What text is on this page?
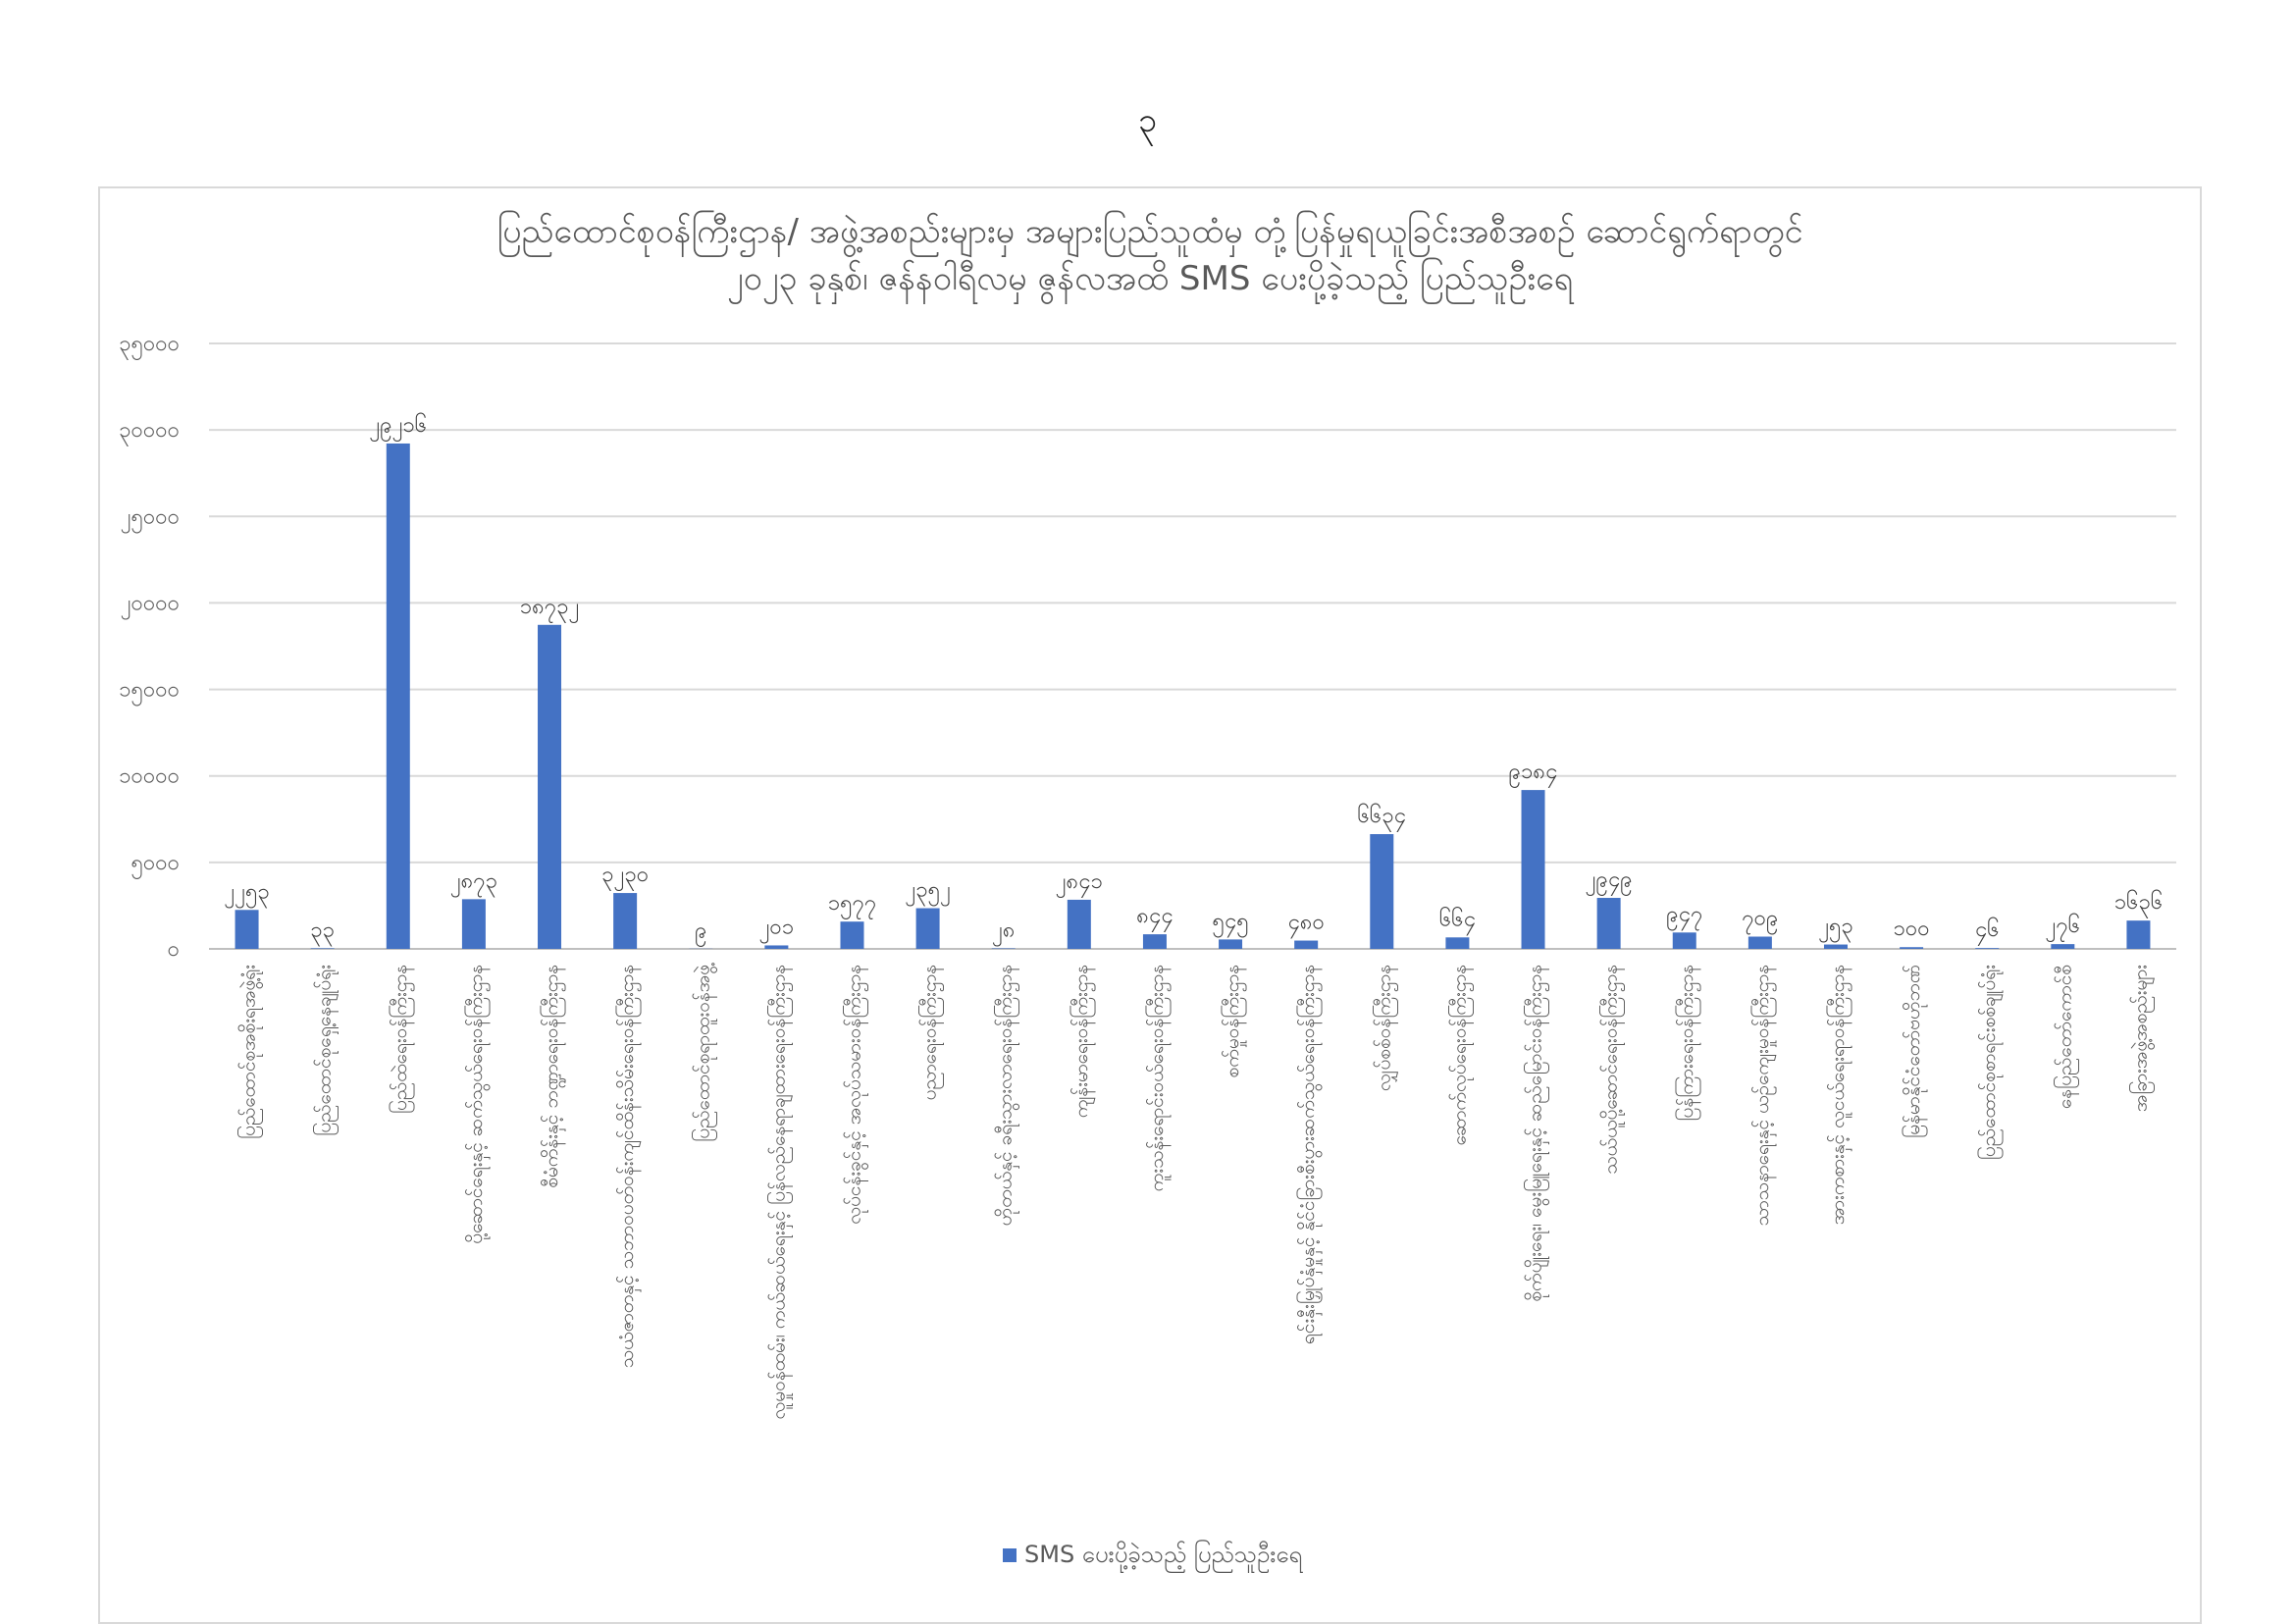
၃
ပြည်ထောင်စုဝန်ကြီးဌာန/ အဖွဲ့အစည်းများမှ အများပြည်သူထံမှ တုံ့ပြန်မှုရယူခြင်းအစီအစဉ် ဆောင်ရွက်ရာတွင်
၂၀၂၃ ခုနှစ်၊ ဇန်နဝါရီလမှ ဇွန်လအထိ SMS ပေးပို့ခဲ့သည့် ပြည်သူဦးရေ
၀
၅၀၀၀
၁၀၀၀၀
၁၅၀၀၀
၂၀၀၀၀
၂၅၀၀၀
၃၀၀၀၀
၃၅၀၀၀
၂၂၅၃
၃၃
၂၉၂၁၆
၂၈၇၃
၁၈၇၃၂
၃၂၃၀
၉ ၂၀၁
၁၅၇၇
၂၃၅၂
၂၈
၂၈၄၁
၈၄၄ ၅၄၅ ၄၈၀
၆၆၃၄
၆၆၄
၉၁၈၄
၂၉၄၉
၉၄၇ ၇၀၉ ၂၅၃ ၁၀၀ ၄၆ ၂၇၆
၁၆၃၆
ပြည်ထောင်စုအစိုးရအဖွဲ့ရုံး	ပြည်ထောင်စုရှေ့နေချုပ်ရုံး	ပြည်ထဲရေးဝန်ကြီးဌာန	ပို့ဆောင်ရေးနှင့် ဆက်သွယ်ရေးဝန်ကြီးဌာန	စီမံကိန်းနှင့် ဘဏ္ဍာရေးဝန်ကြီးဌာန	သယံဇာတနှင့် သဘာဝပတ်ဝန်းကျင်ထိန်းသိမ်းရေးဝန်ကြီးဌာန	ပြည်ထောင်စုရာထူးဝန်အဖွဲ့	လူမှုဝန်ထမ်း၊ ကယ်ဆယ်ရေးနှင့် ပြန်လည်နေရာချထားရေးဝန်ကြီးဌာန	လုပ်ငန်းခွင်နှင့် အလုပ်သမားဝန်ကြီးဌာန	ပညာရေးဝန်ကြီးဌာန	ဟိုတယ်နှင့် ခရီးသွားလာရေးဝန်ကြီးဌာန	ကျန်းမာရေးဝန်ကြီးဌာန	ကူးသန်းရောင်းဝယ်ရေးဝန်ကြီးဌာန	စက်မှုဝန်ကြီးဌာန	ရင်းနှီးမြှုပ်နှံမှုနှင့် နိုင်ငံခြားစီးပွားဆက်သွယ်ရေးဝန်ကြီးဌာန	လျှပ်စစ်ဝန်ကြီးဌာန	ဆောက်လုပ်ရေးဝန်ကြီးဌာန	စိုက်ပျိုးရေး၊ မွေးမြူရေးနှင့် ဆည်မြောင်းဝန်ကြီးဌာန	သယ်ယူပို့ဆောင်ရေးဝန်ကြီးဌာန	ပြန်ကြားရေးဝန်ကြီးဌာန	သာသနာရေးနှင့် ယဉ်ကျေးမှုဝန်ကြီးဌာန	အားကစားနှင့် လူငယ်ရေးရာဝန်ကြီးဌာန	မြန်မာနိုင်ငံတော်ဗဟိုဘဏ်	ပြည်ထောင်စုစာရင်းစစ်ချုပ်ရုံး	နေပြည်တော်ကောင်စီ	အခြားအဖွဲ့အစည်းများ
SMS ပေးပို့ခဲ့သည့် ပြည်သူဦးရေ
